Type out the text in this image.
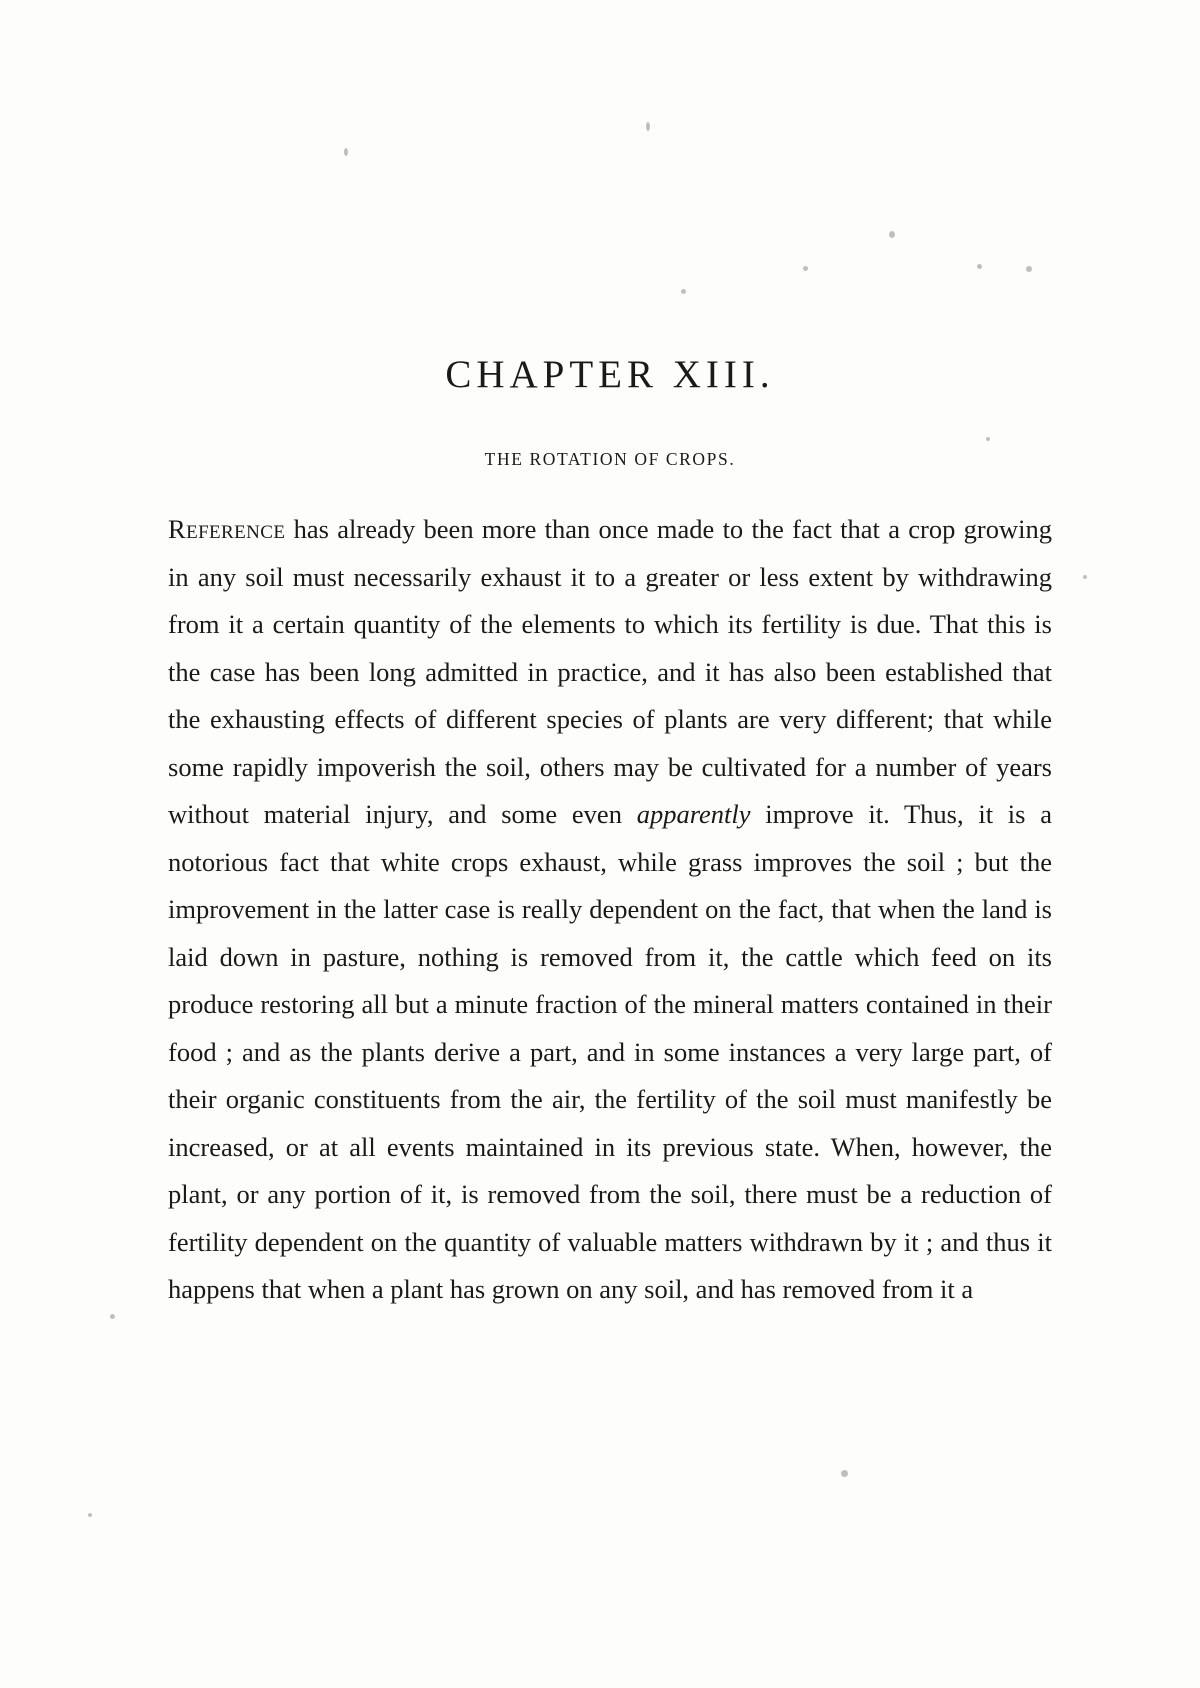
CHAPTER XIII.
THE ROTATION OF CROPS.

Reference has already been more than once made to the fact that a crop growing in any soil must necessarily exhaust it to a greater or less extent by withdrawing from it a certain quantity of the elements to which its fertility is due. That this is the case has been long admitted in practice, and it has also been established that the exhausting effects of different species of plants are very different; that while some rapidly impoverish the soil, others may be cultivated for a number of years without material injury, and some even apparently improve it. Thus, it is a notorious fact that white crops exhaust, while grass improves the soil ; but the improvement in the latter case is really dependent on the fact, that when the land is laid down in pasture, nothing is removed from it, the cattle which feed on its produce restoring all but a minute fraction of the mineral matters contained in their food ; and as the plants derive a part, and in some instances a very large part, of their organic constituents from the air, the fertility of the soil must manifestly be increased, or at all events maintained in its previous state. When, however, the plant, or any portion of it, is removed from the soil, there must be a reduction of fertility dependent on the quantity of valuable matters withdrawn by it ; and thus it happens that when a plant has grown on any soil, and has removed from it a
